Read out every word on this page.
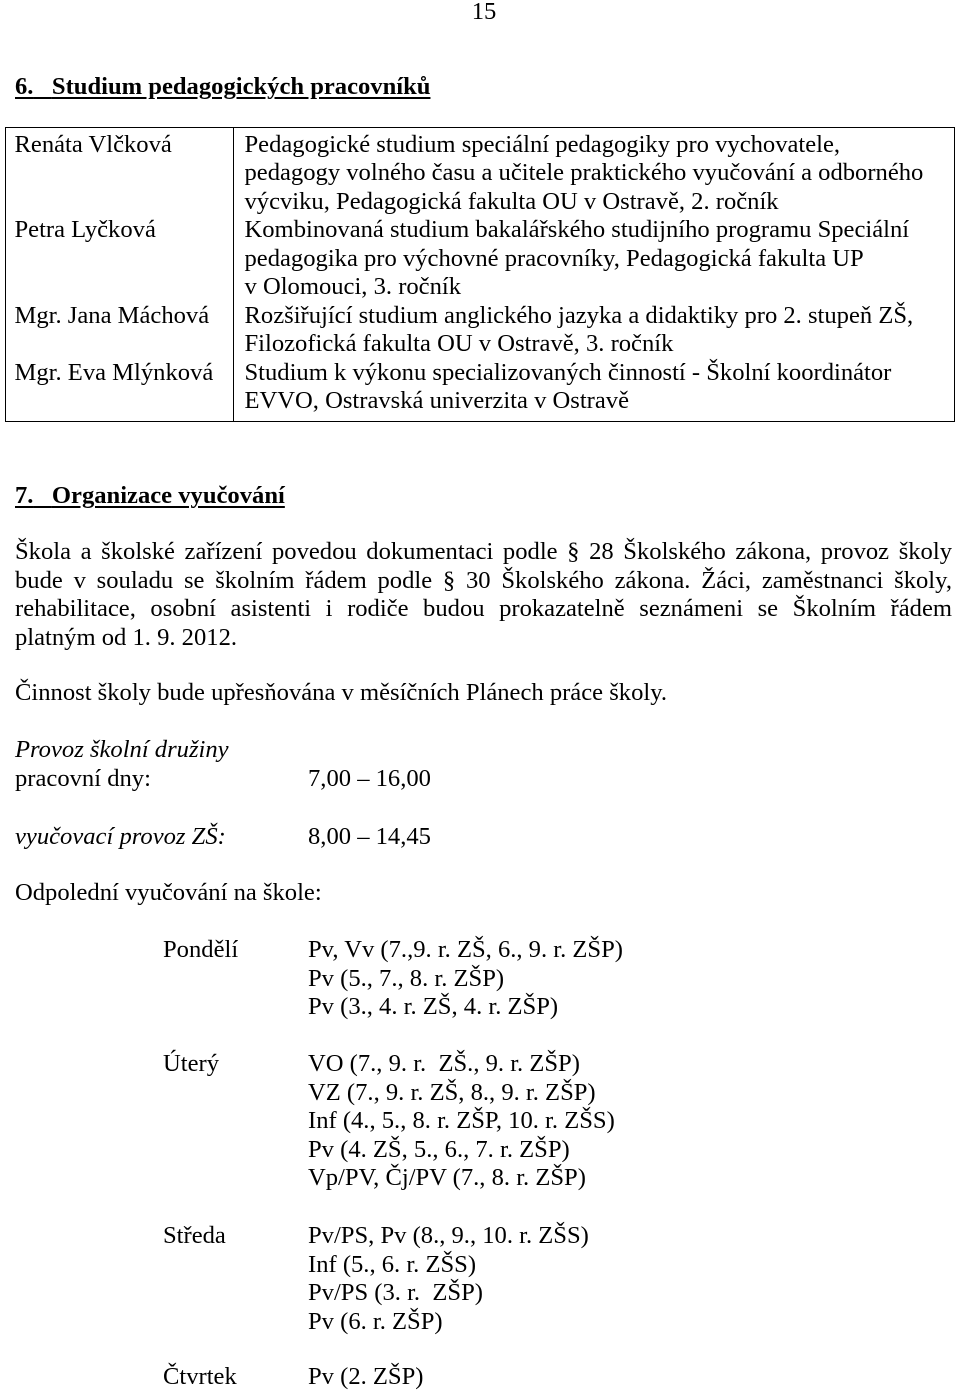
15
6. Studium pedagogických pracovníků
Renáta Vlčková	Pedagogické studium speciální pedagogiky pro vychovatele,
pedagogy volného času a učitele praktického vyučování a odborného
výcviku, Pedagogická fakulta OU v Ostravě, 2. ročník
Petra Lyčková	Kombinovaná studium bakalářského studijního programu Speciální
pedagogika pro výchovné pracovníky, Pedagogická fakulta UP
v Olomouci, 3. ročník
Mgr. Jana Máchová	Rozšiřující studium anglického jazyka a didaktiky pro 2. stupeň ZŠ,
Filozofická fakulta OU v Ostravě, 3. ročník
Mgr. Eva Mlýnková	Studium k výkonu specializovaných činností - Školní koordinátor
EVVO, Ostravská univerzita v Ostravě
7. Organizace vyučování
Škola a školské zařízení povedou dokumentaci podle § 28 Školského zákona, provoz školy
bude v souladu se školním řádem podle § 30 Školského zákona. Žáci, zaměstnanci školy,
rehabilitace, osobní asistenti i rodiče budou prokazatelně seznámeni se Školním řádem
platným od 1. 9. 2012.
Činnost školy bude upřesňována v měsíčních Plánech práce školy.
Provoz školní družiny
pracovní dny:	7,00 – 16,00
vyučovací provoz ZŠ:	8,00 – 14,45
Odpolední vyučování na škole:
Pondělí	Pv, Vv (7.,9. r. ZŠ, 6., 9. r. ZŠP)
Pv (5., 7., 8. r. ZŠP)
Pv (3., 4. r. ZŠ, 4. r. ZŠP)
Úterý	VO (7., 9. r.  ZŠ., 9. r. ZŠP)
VZ (7., 9. r. ZŠ, 8., 9. r. ZŠP)
Inf (4., 5., 8. r. ZŠP, 10. r. ZŠS)
Pv (4. ZŠ, 5., 6., 7. r. ZŠP)
Vp/PV, Čj/PV (7., 8. r. ZŠP)
Středa	Pv/PS, Pv (8., 9., 10. r. ZŠS)
Inf (5., 6. r. ZŠS)
Pv/PS (3. r.  ZŠP)
Pv (6. r. ZŠP)
Čtvrtek	Pv (2. ZŠP)
